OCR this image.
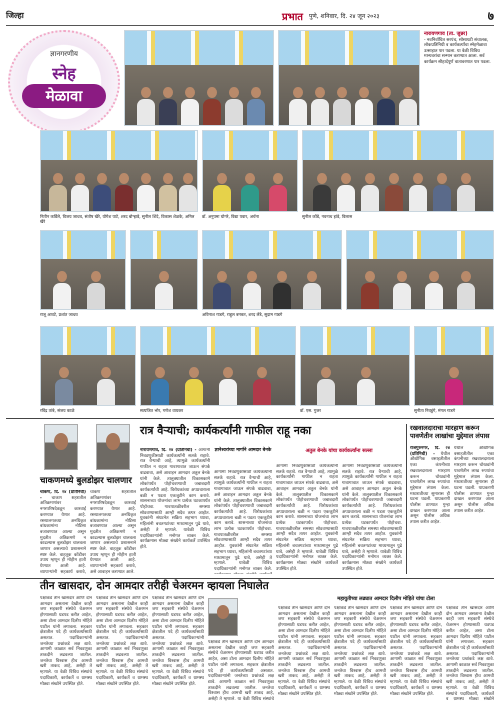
जिल्हा	प्रभात पुणे, शनिवार, दि. २४ जून २०२३	७
ज्ञानगरणीय
स्नेह
मेळावा
नारायणगाव (ता. जुन्नर)
- नवनिर्वाचित सरपंच, सोसायटी संचालक, लोकप्रतिनिधी व कार्यकर्त्यांचा स्नेहमेळावा उत्साहात पार पडला. या वेळी विविध मान्यवरांचा सन्मान करण्यात आला. सर्व कार्यक्रम सौहार्दपूर्ण वातावरणात पार पडला.
नितीन कर्डिले, विजय जाधव, संतोष खैरे, योगेश पाटे, शरद बोऱ्हाडे, सुनील शिंदे, विकास शेळके, अनिल खैरे
डॉ. अनुपमा घोगरे, विद्या पवार, अर्चना	सुनील कोंडे, नवनाथ हांडे, विलास
राजू आवटे, प्रशांत जाधव	अविनाश गाडगे, राहुल बनकर, शरद लेंडे, सुदाम गाडगे
रविंद्र तांबे, संजय काळे	सत्यजित भोर, गणेश वायकर	डॉ. एस. गुजर	सुनीता निवडुंगे, मंगल गाडगे
रात्र वैऱ्याची; कार्यकर्त्यांनी गाफील राहू नका
ज्ञानेश्वरांच्या मार्गाने आमदार बेनके	अतुल बेनके यांचा कार्यकर्त्यांना सल्ला
नारायणगाव, दि. २४ (प्रतिनिधी) - आगामी निवडणुकीसाठी कार्यकर्त्यांनी सतर्क राहावे. रात्र वैऱ्याची आहे, त्यामुळे कार्यकर्त्यांनी गाफील न राहता गावागावात जाऊन संपर्क वाढवावा, असे आवाहन आमदार अतुल बेनके यांनी केले. तालुक्यातील विकासकामे लोकांपर्यंत पोहोचवण्याची जबाबदारी कार्यकर्त्यांची आहे. विरोधकांच्या अपप्रचाराला बळी न पडता एकजुटीने काम करावे. शासनाच्या योजनांचा लाभ प्रत्येक घटकापर्यंत पोहोचवा. गावपातळीवरील समस्या सोडवण्यासाठी आम्ही सदैव तत्पर आहोत. युवकांनी संघटनेत सक्रिय सहभाग घ्यावा, महिलांनी बचतगटांच्या माध्यमातून पुढे यावे, असेही ते म्हणाले. यावेळी विविध पदाधिकाऱ्यांनी मनोगत व्यक्त केले. कार्यक्रमास मोठ्या संख्येने कार्यकर्ते उपस्थित होते.
आगामी निवडणुकीसाठी कार्यकर्त्यांनी सतर्क राहावे. रात्र वैऱ्याची आहे, त्यामुळे कार्यकर्त्यांनी गाफील न राहता गावागावात जाऊन संपर्क वाढवावा, असे आवाहन आमदार अतुल बेनके यांनी केले. तालुक्यातील विकासकामे लोकांपर्यंत पोहोचवण्याची जबाबदारी कार्यकर्त्यांची आहे. विरोधकांच्या अपप्रचाराला बळी न पडता एकजुटीने काम करावे. शासनाच्या योजनांचा लाभ प्रत्येक घटकापर्यंत पोहोचवा. गावपातळीवरील समस्या सोडवण्यासाठी आम्ही सदैव तत्पर आहोत. युवकांनी संघटनेत सक्रिय सहभाग घ्यावा, महिलांनी बचतगटांच्या माध्यमातून पुढे यावे, असेही ते म्हणाले. यावेळी विविध पदाधिकाऱ्यांनी मनोगत व्यक्त केले.
आगामी निवडणुकीसाठी कार्यकर्त्यांनी सतर्क राहावे. रात्र वैऱ्याची आहे, त्यामुळे कार्यकर्त्यांनी गाफील न राहता गावागावात जाऊन संपर्क वाढवावा, असे आवाहन आमदार अतुल बेनके यांनी केले. तालुक्यातील विकासकामे लोकांपर्यंत पोहोचवण्याची जबाबदारी कार्यकर्त्यांची आहे. विरोधकांच्या अपप्रचाराला बळी न पडता एकजुटीने काम करावे. शासनाच्या योजनांचा लाभ प्रत्येक घटकापर्यंत पोहोचवा. गावपातळीवरील समस्या सोडवण्यासाठी आम्ही सदैव तत्पर आहोत. युवकांनी संघटनेत सक्रिय सहभाग घ्यावा, महिलांनी बचतगटांच्या माध्यमातून पुढे यावे, असेही ते म्हणाले. यावेळी विविध पदाधिकाऱ्यांनी मनोगत व्यक्त केले. कार्यक्रमास मोठ्या संख्येने कार्यकर्ते उपस्थित होते.
आगामी निवडणुकीसाठी कार्यकर्त्यांनी सतर्क राहावे. रात्र वैऱ्याची आहे, त्यामुळे कार्यकर्त्यांनी गाफील न राहता गावागावात जाऊन संपर्क वाढवावा, असे आवाहन आमदार अतुल बेनके यांनी केले. तालुक्यातील विकासकामे लोकांपर्यंत पोहोचवण्याची जबाबदारी कार्यकर्त्यांची आहे. विरोधकांच्या अपप्रचाराला बळी न पडता एकजुटीने काम करावे. शासनाच्या योजनांचा लाभ प्रत्येक घटकापर्यंत पोहोचवा. गावपातळीवरील समस्या सोडवण्यासाठी आम्ही सदैव तत्पर आहोत. युवकांनी संघटनेत सक्रिय सहभाग घ्यावा, महिलांनी बचतगटांच्या माध्यमातून पुढे यावे, असेही ते म्हणाले. यावेळी विविध पदाधिकाऱ्यांनी मनोगत व्यक्त केले. कार्यक्रमास मोठ्या संख्येने कार्यकर्ते उपस्थित होते.
चाकणमध्ये बुलडोझर चालणार
चाकण, दि. २४ (प्रतिनिधी) - चाकण शहरातील अतिक्रमणांवर नगरपरिषदेकडून कारवाई करण्यात येणार आहे. रस्त्यालगतच्या अनधिकृत बांधकामांना नोटिसा बजावण्यात आल्या असून मुदतीत अतिक्रमणे न काढल्यास बुलडोझर चालवला जाणार असल्याचे प्रशासनाने स्पष्ट केले. वाहतूक कोंडीवर उपाय म्हणून ही मोहीम हाती घेण्यात आली आहे. व्यापाऱ्यांनी सहकार्य करावे,
चाकण शहरातील अतिक्रमणांवर नगरपरिषदेकडून कारवाई करण्यात येणार आहे. रस्त्यालगतच्या अनधिकृत बांधकामांना नोटिसा बजावण्यात आल्या असून मुदतीत अतिक्रमणे न काढल्यास बुलडोझर चालवला जाणार असल्याचे प्रशासनाने स्पष्ट केले. वाहतूक कोंडीवर उपाय म्हणून ही मोहीम हाती घेण्यात आली आहे. व्यापाऱ्यांनी सहकार्य करावे, असे आवाहन करण्यात आले.
रखवालदाराचा मारहाण करून पावणेतीन लाखांचा मुद्देमाल लंपास
राजगुरुनगर, दि. २४ (प्रतिनिधी) - येथील औद्योगिक वसाहतीतील एका कंपनीच्या रखवालदाराला मारहाण करून चोरट्यांनी पावणेतीन लाख रुपयांचा मुद्देमाल लंपास केला. मध्यरात्रीच्या सुमारास ही घटना घडली. याप्रकरणी पोलीस ठाण्यात गुन्हा दाखल करण्यात आला असून पोलीस अधिक तपास करीत आहेत.
येथील औद्योगिक वसाहतीतील एका कंपनीच्या रखवालदाराला मारहाण करून चोरट्यांनी पावणेतीन लाख रुपयांचा मुद्देमाल लंपास केला. मध्यरात्रीच्या सुमारास ही घटना घडली. याप्रकरणी पोलीस ठाण्यात गुन्हा दाखल करण्यात आला असून पोलीस अधिक तपास करीत आहेत.
तीन खासदार, दोन आमदार तरीही चेअरमन व्हायला निघालेत
महायुतीच्या लढ्यात आमदार दिलीप मोहिते यांचा टोला
पक्षाकडे तीन खासदार आणि दोन आमदार असताना देखील काही जण सहकारी संस्थेचे चेअरमन होण्यासाठी धडपड करीत आहेत, असा टोला आमदार दिलीप मोहिते पाटील यांनी लगावला. सहकार क्षेत्रातील पदे ही कार्यकर्त्यांसाठी असतात. पदाधिकाऱ्यांनी जनतेच्या प्रश्नांकडे लक्ष द्यावे. आगामी काळात सर्व निवडणुका ताकदीने लढवल्या जातील. जनतेचा विश्वास हीच आमची खरी ताकद आहे, असेही ते म्हणाले. या वेळी विविध संस्थांचे पदाधिकारी, कार्यकर्ते व ग्रामस्थ मोठ्या संख्येने उपस्थित होते.
पक्षाकडे तीन खासदार आणि दोन आमदार असताना देखील काही जण सहकारी संस्थेचे चेअरमन होण्यासाठी धडपड करीत आहेत, असा टोला आमदार दिलीप मोहिते पाटील यांनी लगावला. सहकार क्षेत्रातील पदे ही कार्यकर्त्यांसाठी असतात. पदाधिकाऱ्यांनी जनतेच्या प्रश्नांकडे लक्ष द्यावे. आगामी काळात सर्व निवडणुका ताकदीने लढवल्या जातील. जनतेचा विश्वास हीच आमची खरी ताकद आहे, असेही ते म्हणाले. या वेळी विविध संस्थांचे पदाधिकारी, कार्यकर्ते व ग्रामस्थ मोठ्या संख्येने उपस्थित होते.
पक्षाकडे तीन खासदार आणि दोन आमदार असताना देखील काही जण सहकारी संस्थेचे चेअरमन होण्यासाठी धडपड करीत आहेत, असा टोला आमदार दिलीप मोहिते पाटील यांनी लगावला. सहकार क्षेत्रातील पदे ही कार्यकर्त्यांसाठी असतात. पदाधिकाऱ्यांनी जनतेच्या प्रश्नांकडे लक्ष द्यावे. आगामी काळात सर्व निवडणुका ताकदीने लढवल्या जातील. जनतेचा विश्वास हीच आमची खरी ताकद आहे, असेही ते म्हणाले. या वेळी विविध संस्थांचे पदाधिकारी, कार्यकर्ते व ग्रामस्थ मोठ्या संख्येने उपस्थित होते.
पक्षाकडे तीन खासदार आणि दोन आमदार असताना देखील काही जण सहकारी संस्थेचे चेअरमन होण्यासाठी धडपड करीत आहेत, असा टोला आमदार दिलीप मोहिते पाटील यांनी लगावला. सहकार क्षेत्रातील पदे ही कार्यकर्त्यांसाठी असतात. पदाधिकाऱ्यांनी जनतेच्या प्रश्नांकडे लक्ष द्यावे. आगामी काळात सर्व निवडणुका ताकदीने लढवल्या जातील. जनतेचा विश्वास हीच आमची खरी ताकद आहे, असेही ते म्हणाले. या वेळी विविध संस्थांचे
पक्षाकडे तीन खासदार आणि दोन आमदार असताना देखील काही जण सहकारी संस्थेचे चेअरमन होण्यासाठी धडपड करीत आहेत, असा टोला आमदार दिलीप मोहिते पाटील यांनी लगावला. सहकार क्षेत्रातील पदे ही कार्यकर्त्यांसाठी असतात. पदाधिकाऱ्यांनी जनतेच्या प्रश्नांकडे लक्ष द्यावे. आगामी काळात सर्व निवडणुका ताकदीने लढवल्या जातील. जनतेचा विश्वास हीच आमची खरी ताकद आहे, असेही ते म्हणाले. या वेळी विविध संस्थांचे पदाधिकारी, कार्यकर्ते व ग्रामस्थ मोठ्या संख्येने उपस्थित होते.
पक्षाकडे तीन खासदार आणि दोन आमदार असताना देखील काही जण सहकारी संस्थेचे चेअरमन होण्यासाठी धडपड करीत आहेत, असा टोला आमदार दिलीप मोहिते पाटील यांनी लगावला. सहकार क्षेत्रातील पदे ही कार्यकर्त्यांसाठी असतात. पदाधिकाऱ्यांनी जनतेच्या प्रश्नांकडे लक्ष द्यावे. आगामी काळात सर्व निवडणुका ताकदीने लढवल्या जातील. जनतेचा विश्वास हीच आमची खरी ताकद आहे, असेही ते म्हणाले. या वेळी विविध संस्थांचे पदाधिकारी, कार्यकर्ते व ग्रामस्थ मोठ्या संख्येने उपस्थित होते.
पक्षाकडे तीन खासदार आणि दोन आमदार असताना देखील काही जण सहकारी संस्थेचे चेअरमन होण्यासाठी धडपड करीत आहेत, असा टोला आमदार दिलीप मोहिते पाटील यांनी लगावला. सहकार क्षेत्रातील पदे ही कार्यकर्त्यांसाठी असतात. पदाधिकाऱ्यांनी जनतेच्या प्रश्नांकडे लक्ष द्यावे. आगामी काळात सर्व निवडणुका ताकदीने लढवल्या जातील. जनतेचा विश्वास हीच आमची खरी ताकद आहे, असेही ते म्हणाले. या वेळी विविध संस्थांचे पदाधिकारी, कार्यकर्ते व ग्रामस्थ मोठ्या संख्येने उपस्थित होते.
पक्षाकडे तीन खासदार आणि दोन आमदार असताना देखील काही जण सहकारी संस्थेचे चेअरमन होण्यासाठी धडपड करीत आहेत, असा टोला आमदार दिलीप मोहिते पाटील यांनी लगावला. सहकार क्षेत्रातील पदे ही कार्यकर्त्यांसाठी असतात. पदाधिकाऱ्यांनी जनतेच्या प्रश्नांकडे लक्ष द्यावे. आगामी काळात सर्व निवडणुका ताकदीने लढवल्या जातील. जनतेचा विश्वास हीच आमची खरी ताकद आहे, असेही ते म्हणाले. या वेळी विविध संस्थांचे पदाधिकारी, कार्यकर्ते व ग्रामस्थ मोठ्या संख्येने
